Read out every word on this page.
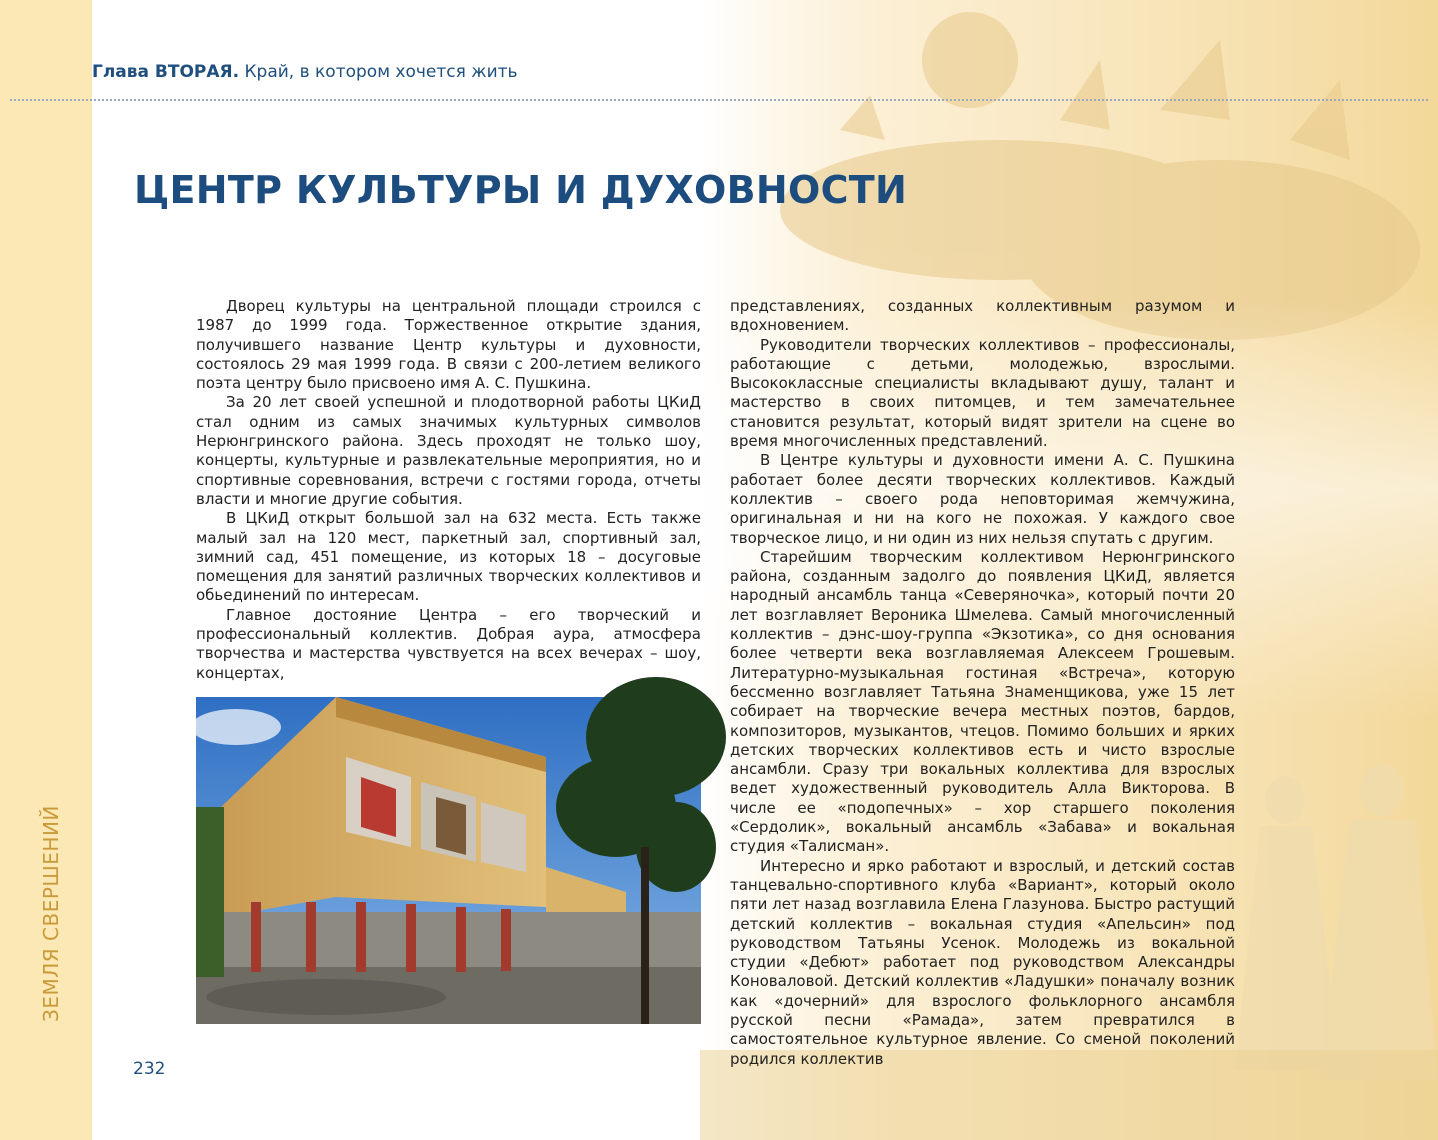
Глава ВТОРАЯ. Край, в котором хочется жить
ЦЕНТР КУЛЬТУРЫ И ДУХОВНОСТИ

Дворец культуры на центральной площади строился с 1987 до 1999 года. Торжественное открытие здания, получившего название Центр культуры и духовности, состоялось 29 мая 1999 года. В связи с 200-летием великого поэта центру было присвоено имя А. С. Пушкина.

За 20 лет своей успешной и плодотворной работы ЦКиД стал одним из самых значимых культурных символов Нерюнгринского района. Здесь проходят не только шоу, концерты, культурные и развлекательные мероприятия, но и спортивные соревнования, встречи с гостями города, отчеты власти и многие другие события.

В ЦКиД открыт большой зал на 632 места. Есть также малый зал на 120 мест, паркетный зал, спортивный зал, зимний сад, 451 помещение, из которых 18 – досуговые помещения для занятий различных творческих коллективов и обьединений по интересам.

Главное достояние Центра – его творческий и профессиональный коллектив. Добрая аура, атмосфера творчества и мастерства чувствуется на всех вечерах – шоу, концертах,

представлениях, созданных коллективным разумом и вдохновением.

Руководители творческих коллективов – профессионалы, работающие с детьми, молодежью, взрослыми. Высококлассные специалисты вкладывают душу, талант и мастерство в своих питомцев, и тем замечательнее становится результат, который видят зрители на сцене во время многочисленных представлений.

В Центре культуры и духовности имени А. С. Пушкина работает более десяти творческих коллективов. Каждый коллектив – своего рода неповторимая жемчужина, оригинальная и ни на кого не похожая. У каждого свое творческое лицо, и ни один из них нельзя спутать с другим.

Старейшим творческим коллективом Нерюнгринского района, созданным задолго до появления ЦКиД, является народный ансамбль танца «Северяночка», который почти 20 лет возглавляет Вероника Шмелева. Самый многочисленный коллектив – дэнс-шоу-группа «Экзотика», со дня основания более четверти века возглавляемая Алексеем Грошевым. Литературно-музыкальная гостиная «Встреча», которую бессменно возглавляет Татьяна Знаменщикова, уже 15 лет собирает на творческие вечера местных поэтов, бардов, композиторов, музыкантов, чтецов. Помимо больших и ярких детских творческих коллективов есть и чисто взрослые ансамбли. Сразу три вокальных коллектива для взрослых ведет художественный руководитель Алла Викторова. В числе ее «подопечных» – хор старшего поколения «Сердолик», вокальный ансамбль «Забава» и вокальная студия «Талисман».

Интересно и ярко работают и взрослый, и детский состав танцевально-спортивного клуба «Вариант», который около пяти лет назад возглавила Елена Глазунова. Быстро растущий детский коллектив – вокальная студия «Апельсин» под руководством Татьяны Усенок. Молодежь из вокальной студии «Дебют» работает под руководством Александры Коноваловой. Детский коллектив «Ладушки» поначалу возник как «дочерний» для взрослого фольклорного ансамбля русской песни «Рамада», затем превратился в самостоятельное культурное явление. Со сменой поколений родился коллектив

ЗЕМЛЯ СВЕРШЕНИЙ
232
